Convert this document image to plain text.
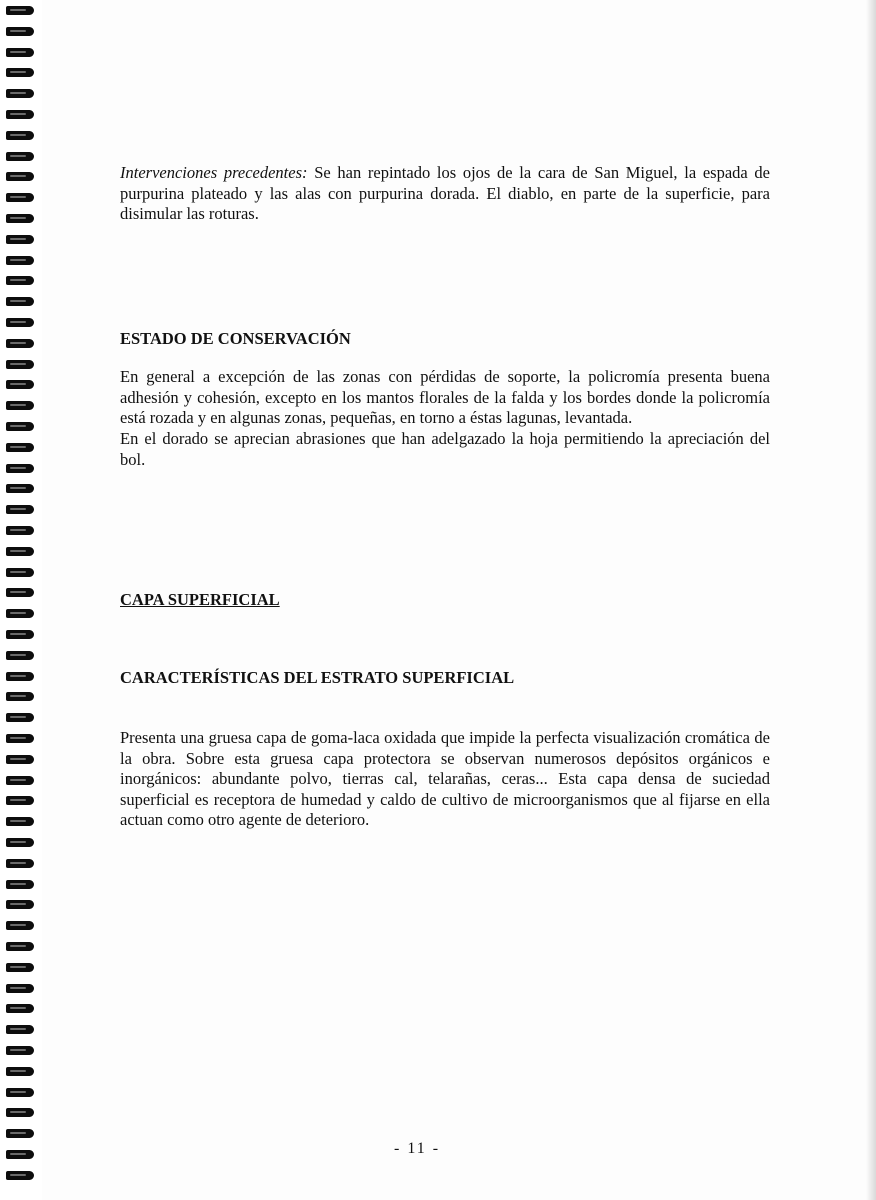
Intervenciones precedentes: Se han repintado los ojos de la cara de San Miguel, la espada de purpurina plateado y las alas con purpurina dorada. El diablo, en parte de la superficie, para disimular las roturas.

ESTADO DE CONSERVACIÓN

En general a excepción de las zonas con pérdidas de soporte, la policromía presenta buena adhesión y cohesión, excepto en los mantos florales de la falda y los bordes donde la policromía está rozada y en algunas zonas, pequeñas, en torno a éstas lagunas, levantada.

En el dorado se aprecian abrasiones que han adelgazado la hoja permitiendo la apreciación del bol.

CAPA SUPERFICIAL
CARACTERÍSTICAS DEL ESTRATO SUPERFICIAL

Presenta una gruesa capa de goma-laca oxidada que impide la perfecta visualización cromática de la obra. Sobre esta gruesa capa protectora se observan numerosos depósitos orgánicos e inorgánicos: abundante polvo, tierras cal, telarañas, ceras... Esta capa densa de suciedad superficial es receptora de humedad y caldo de cultivo de microorganismos que al fijarse en ella actuan como otro agente de deterioro.

- 11 -
